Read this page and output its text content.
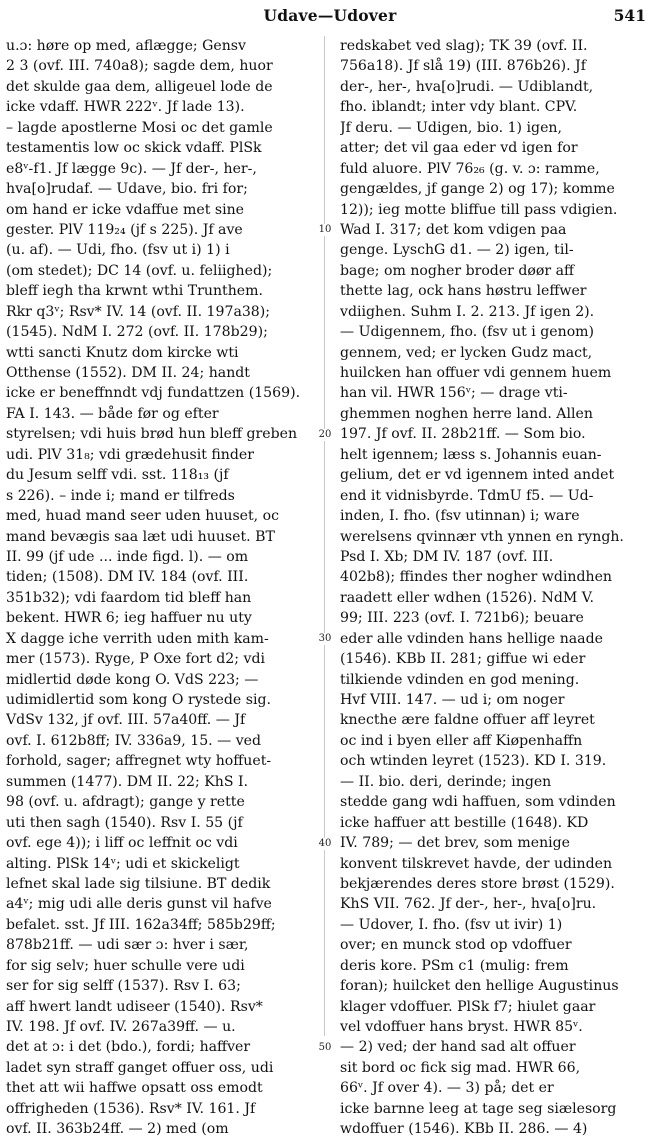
Udave—Udover	541
u.ɔ: høre op med, aflægge; Gensv
2 3 (ovf. III. 740a8); sagde dem, huor
det skulde gaa dem, alligeuel lode de
icke vdaff. HWR 222ᵛ. Jf lade 13).
– lagde apostlerne Mosi oc det gamle
testamentis low oc skick vdaff. PlSk
e8ᵛ-f1. Jf lægge 9c). — Jf der-, her-,
hva[o]rudaf. — Udave, bio. fri for;
om hand er icke vdaffue met sine
gester. PlV 119₂₄ (jf s 225). Jf ave
(u. af). — Udi, fho. (fsv ut i) 1) i
(om stedet); DC 14 (ovf. u. feliighed);
bleff iegh tha krwnt wthi Trunthem.
Rkr q3ᵛ; Rsv* IV. 14 (ovf. II. 197a38);
(1545). NdM I. 272 (ovf. II. 178b29);
wtti sancti Knutz dom kircke wti
Otthense (1552). DM II. 24; handt
icke er beneffnndt vdj fundattzen (1569).
FA I. 143. — både før og efter
styrelsen; vdi huis brød hun bleff greben
udi. PlV 31₈; vdi grædehusit finder
du Jesum selff vdi. sst. 118₁₃ (jf
s 226). – inde i; mand er tilfreds
med, huad mand seer uden huuset, oc
mand bevægis saa læt udi huuset. BT
II. 99 (jf ude ... inde figd. l). — om
tiden; (1508). DM IV. 184 (ovf. III.
351b32); vdi faardom tid bleff han
bekent. HWR 6; ieg haffuer nu uty
X dagge iche verrith uden mith kam-
mer (1573). Ryge, P Oxe fort d2; vdi
midlertid døde kong O. VdS 223; —
udimidlertid som kong O rystede sig.
VdSv 132, jf ovf. III. 57a40ff. — Jf
ovf. I. 612b8ff; IV. 336a9, 15. — ved
forhold, sager; affregnet wty hoffuet-
summen (1477). DM II. 22; KhS I.
98 (ovf. u. afdragt); gange y rette
uti then sagh (1540). Rsv I. 55 (jf
ovf. ege 4)); i liff oc leffnit oc vdi
alting. PlSk 14ᵛ; udi et skickeligt
lefnet skal lade sig tilsiune. BT dedik
a4ᵛ; mig udi alle deris gunst vil hafve
befalet. sst. Jf III. 162a34ff; 585b29ff;
878b21ff. — udi sær ɔ: hver i sær,
for sig selv; huer schulle vere udi
ser for sig selff (1537). Rsv I. 63;
aff hwert landt udiseer (1540). Rsv*
IV. 198. Jf ovf. IV. 267a39ff. — u.
det at ɔ: i det (bdo.), fordi; haffver
ladet syn straff ganget offuer oss, udi
thet att wii haffwe opsatt oss emodt
offrigheden (1536). Rsv* IV. 161. Jf
ovf. II. 363b24ff. — 2) med (om
10
20
30
40
50
redskabet ved slag); TK 39 (ovf. II.
756a18). Jf slå 19) (III. 876b26). Jf
der-, her-, hva[o]rudi. — Udiblandt,
fho. iblandt; inter vdy blant. CPV.
Jf deru. — Udigen, bio. 1) igen,
atter; det vil gaa eder vd igen for
fuld aluore. PlV 76₂₆ (g. v. ɔ: ramme,
gengældes, jf gange 2) og 17); komme
12)); ieg motte bliffue till pass vdigien.
Wad I. 317; det kom vdigen paa
genge. LyschG d1. — 2) igen, til-
bage; om nogher broder døør aff
thette lag, ock hans høstru leffwer
vdiighen. Suhm I. 2. 213. Jf igen 2).
— Udigennem, fho. (fsv ut i genom)
gennem, ved; er lycken Gudz mact,
huilcken han offuer vdi gennem huem
han vil. HWR 156ᵛ; — drage vti-
ghemmen noghen herre land. Allen
197. Jf ovf. II. 28b21ff. — Som bio.
helt igennem; læss s. Johannis euan-
gelium, det er vd igennem inted andet
end it vidnisbyrde. TdmU f5. — Ud-
inden, I. fho. (fsv utinnan) i; ware
werelsens qvinnær vth ynnen en ryngh.
Psd I. Xb; DM IV. 187 (ovf. III.
402b8); ffindes ther nogher wdindhen
raadett eller wdhen (1526). NdM V.
99; III. 223 (ovf. I. 721b6); beuare
eder alle vdinden hans hellige naade
(1546). KBb II. 281; giffue wi eder
tilkiende vdinden en god mening.
Hvf VIII. 147. — ud i; om noger
knecthe ære faldne offuer aff leyret
oc ind i byen eller aff Kiøpenhaffn
och wtinden leyret (1523). KD I. 319.
— II. bio. deri, derinde; ingen
stedde gang wdi haffuen, som vdinden
icke haffuer att bestille (1648). KD
IV. 789; — det brev, som menige
konvent tilskrevet havde, der udinden
bekjærendes deres store brøst (1529).
KhS VII. 762. Jf der-, her-, hva[o]ru.
— Udover, I. fho. (fsv ut ivir) 1)
over; en munck stod op vdoffuer
deris kore. PSm c1 (mulig: frem
foran); huilcket den hellige Augustinus
klager vdoffuer. PlSk f7; hiulet gaar
vel vdoffuer hans bryst. HWR 85ᵛ.
— 2) ved; der hand sad alt offuer
sit bord oc fick sig mad. HWR 66,
66ᵛ. Jf over 4). — 3) på; det er
icke barnne leeg at tage seg siælesorg
wdoffuer (1546). KBb II. 286. — 4)
